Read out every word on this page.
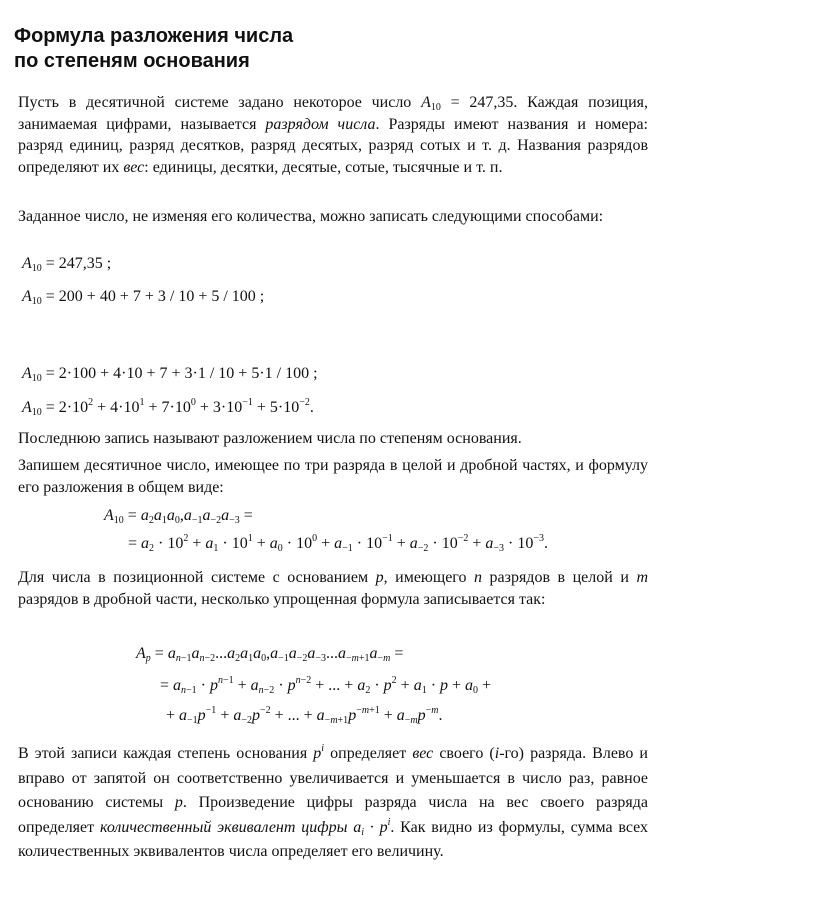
Формула разложения числа
по степеням основания
Пусть в десятичной системе задано некоторое число $A_{10} = 247,35$. Каждая позиция, занимаемая цифрами, называется разрядом числа. Разряды имеют названия и номера: разряд единиц, разряд десятков, разряд десятых, разряд сотых и т. д. Названия разрядов определяют их вес: единицы, десятки, десятые, сотые, тысячные и т. п.
Заданное число, не изменяя его количества, можно записать следующими способами:
$A_{10} = 247,35$ ;
$A_{10} = 200 + 40 + 7 + 3 / 10 + 5 / 100$ ;
$A_{10} = 2\cdot 100 + 4\cdot 10 + 7 + 3\cdot 1 / 10 + 5\cdot 1 / 100$ ;
$A_{10} = 2\cdot 10^2 + 4\cdot 10^1 + 7\cdot 10^0 + 3\cdot 10^{-1} + 5\cdot 10^{-2}$.
Последнюю запись называют разложением числа по степеням основания.
Запишем десятичное число, имеющее по три разряда в целой и дробной частях, и формулу его разложения в общем виде:
$A_{10} = a_2a_1a_0,a_{-1}a_{-2}a_{-3}$ =
= $a_2 \cdot 10^2 + a_1 \cdot 10^1 + a_0 \cdot 10^0 + a_{-1} \cdot 10^{-1} + a_{-2} \cdot 10^{-2} + a_{-3} \cdot 10^{-3}$.
Для числа в позиционной системе с основанием p, имеющего n разрядов в целой и m разрядов в дробной части, несколько упрощенная формула записывается так:
$A_p = a_{n-1}a_{n-2}...a_2a_1a_0,a_{-1}a_{-2}a_{-3}...a_{-m+1}a_{-m}$ =
= $a_{n-1} \cdot p^{n-1} + a_{n-2} \cdot p^{n-2}$ + ... + $a_2 \cdot p^2 + a_1 \cdot p + a_0$ +
+ $a_{-1}p^{-1} + a_{-2}p^{-2}$ + ... + $a_{-m+1}p^{-m+1} + a_{-m}p^{-m}$.
В этой записи каждая степень основания $p^i$ определяет вес своего (i-го) разряда. Влево и вправо от запятой он соответственно увеличивается и уменьшается в число раз, равное основанию системы p. Произведение цифры разряда числа на вес своего разряда определяет количественный эквивалент цифры $a_i \cdot p^i$. Как видно из формулы, сумма всех количественных эквивалентов числа определяет его величину.
